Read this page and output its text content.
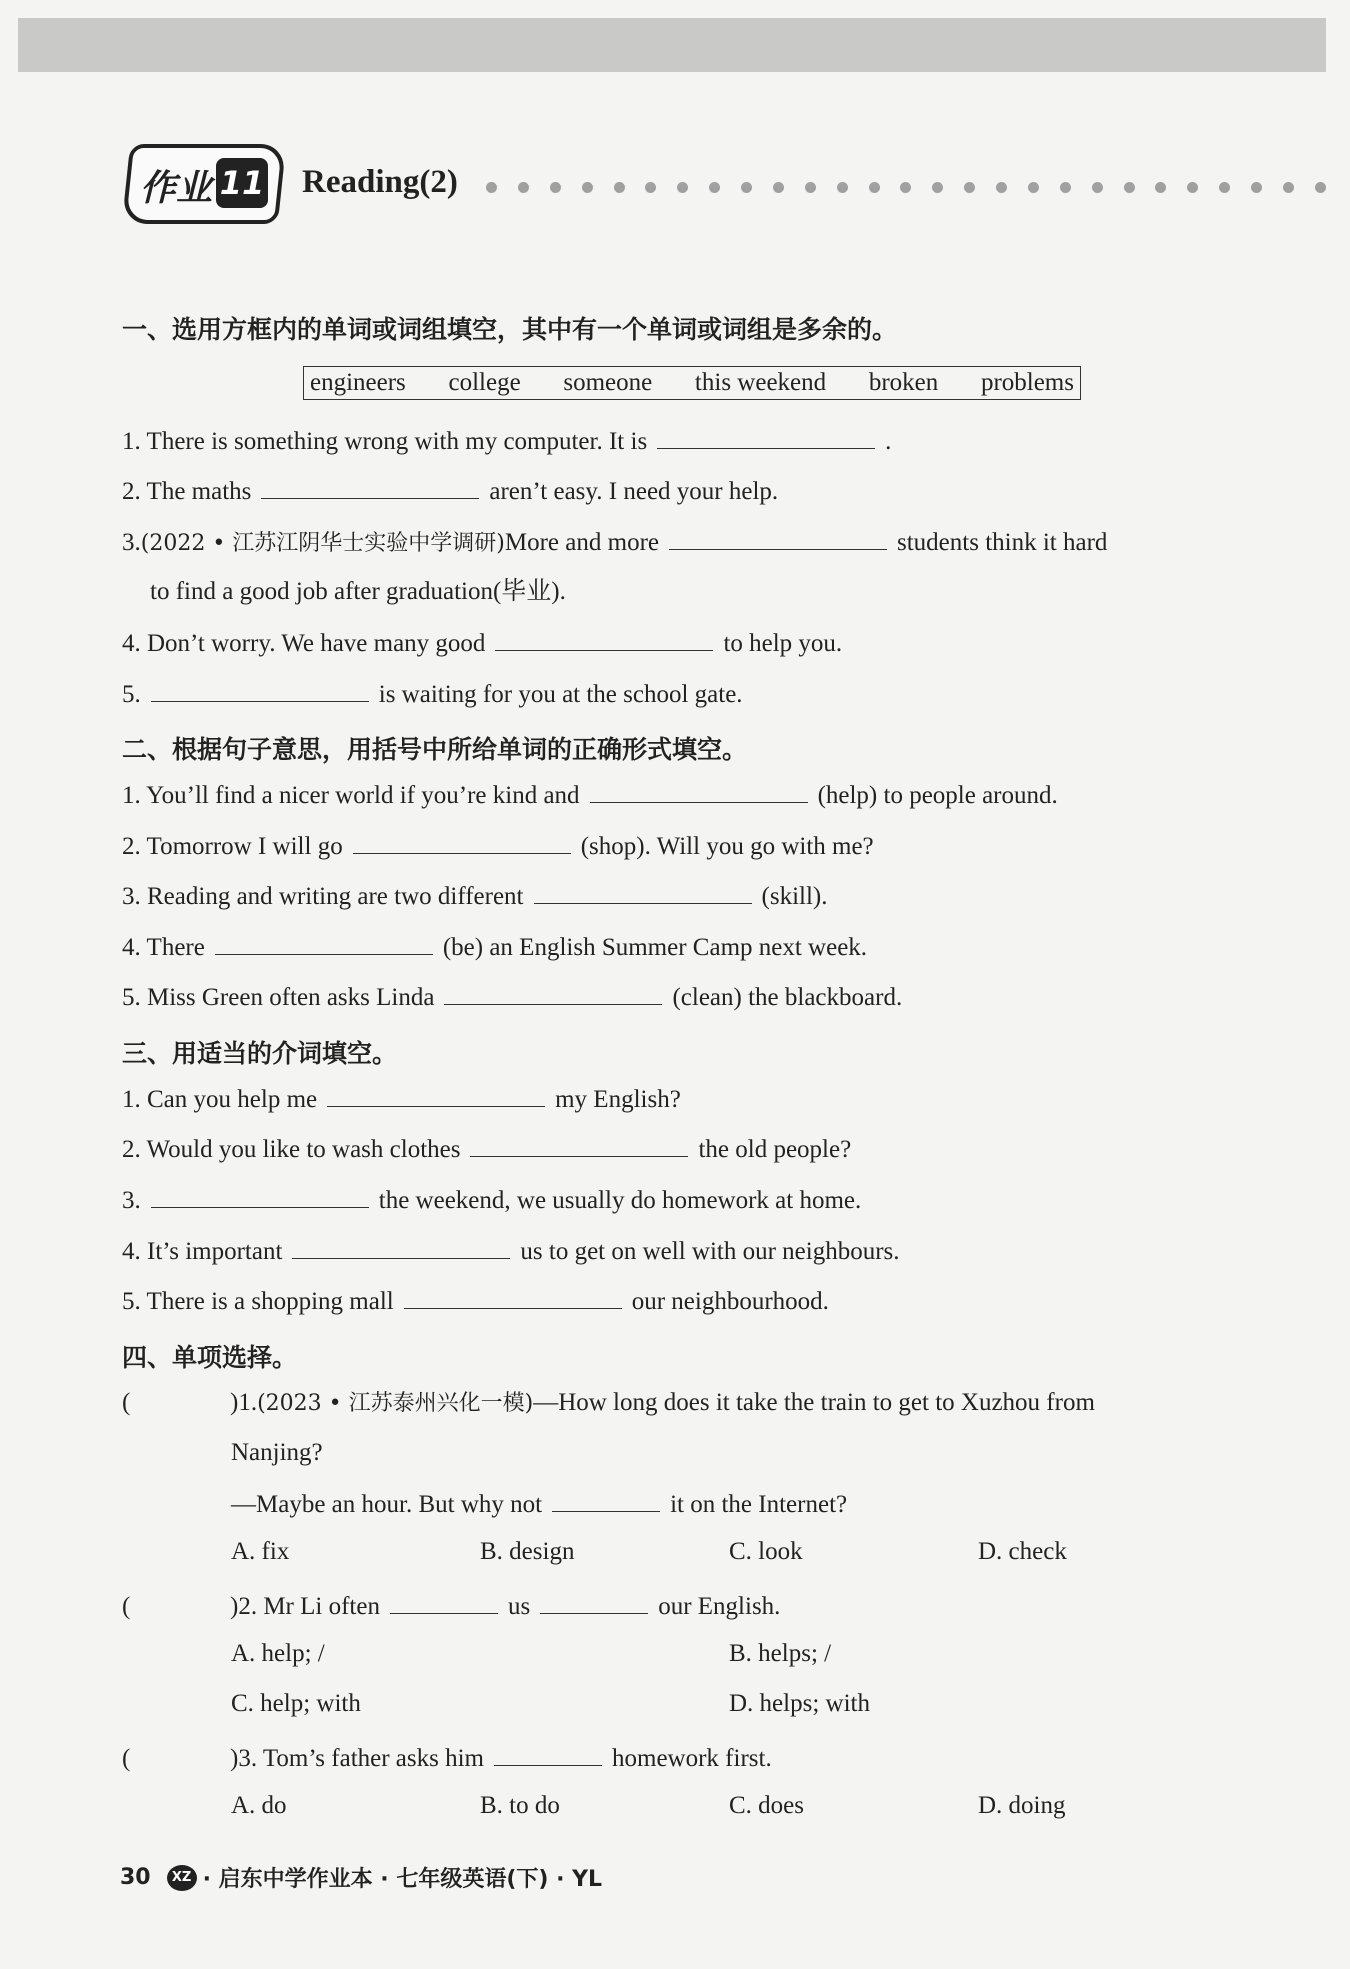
作业 11 Reading(2)
一、选用方框内的单词或词组填空，其中有一个单词或词组是多余的。
engineers college someone this weekend broken problems
1. There is something wrong with my computer. It is	.
2. The maths	aren’t easy. I need your help.
3.(2022 • 江苏江阴华士实验中学调研)More and more	students think it hard
to find a good job after graduation(毕业).
4. Don’t worry. We have many good	to help you.
5.	is waiting for you at the school gate.
二、根据句子意思，用括号中所给单词的正确形式填空。
1. You’ll find a nicer world if you’re kind and	(help) to people around.
2. Tomorrow I will go	(shop). Will you go with me?
3. Reading and writing are two different	(skill).
4. There	(be) an English Summer Camp next week.
5. Miss Green often asks Linda	(clean) the blackboard.
三、用适当的介词填空。
1. Can you help me	my English?
2. Would you like to wash clothes	the old people?
3.	the weekend, we usually do homework at home.
4. It’s important	us to get on well with our neighbours.
5. There is a shopping mall	our neighbourhood.
四、单项选择。
(	)1.(2023 • 江苏泰州兴化一模)—How long does it take the train to get to Xuzhou from
Nanjing?
—Maybe an hour. But why not	it on the Internet?
A. fix	B. design	C. look	D. check
(	)2. Mr Li often	us	our English.
A. help; /	B. helps; /
C. help; with	D. helps; with
(	)3. Tom’s father asks him	homework first.
A. do	B. to do	C. does	D. doing
30	XZ · 启东中学作业本 · 七年级英语(下) · YL
